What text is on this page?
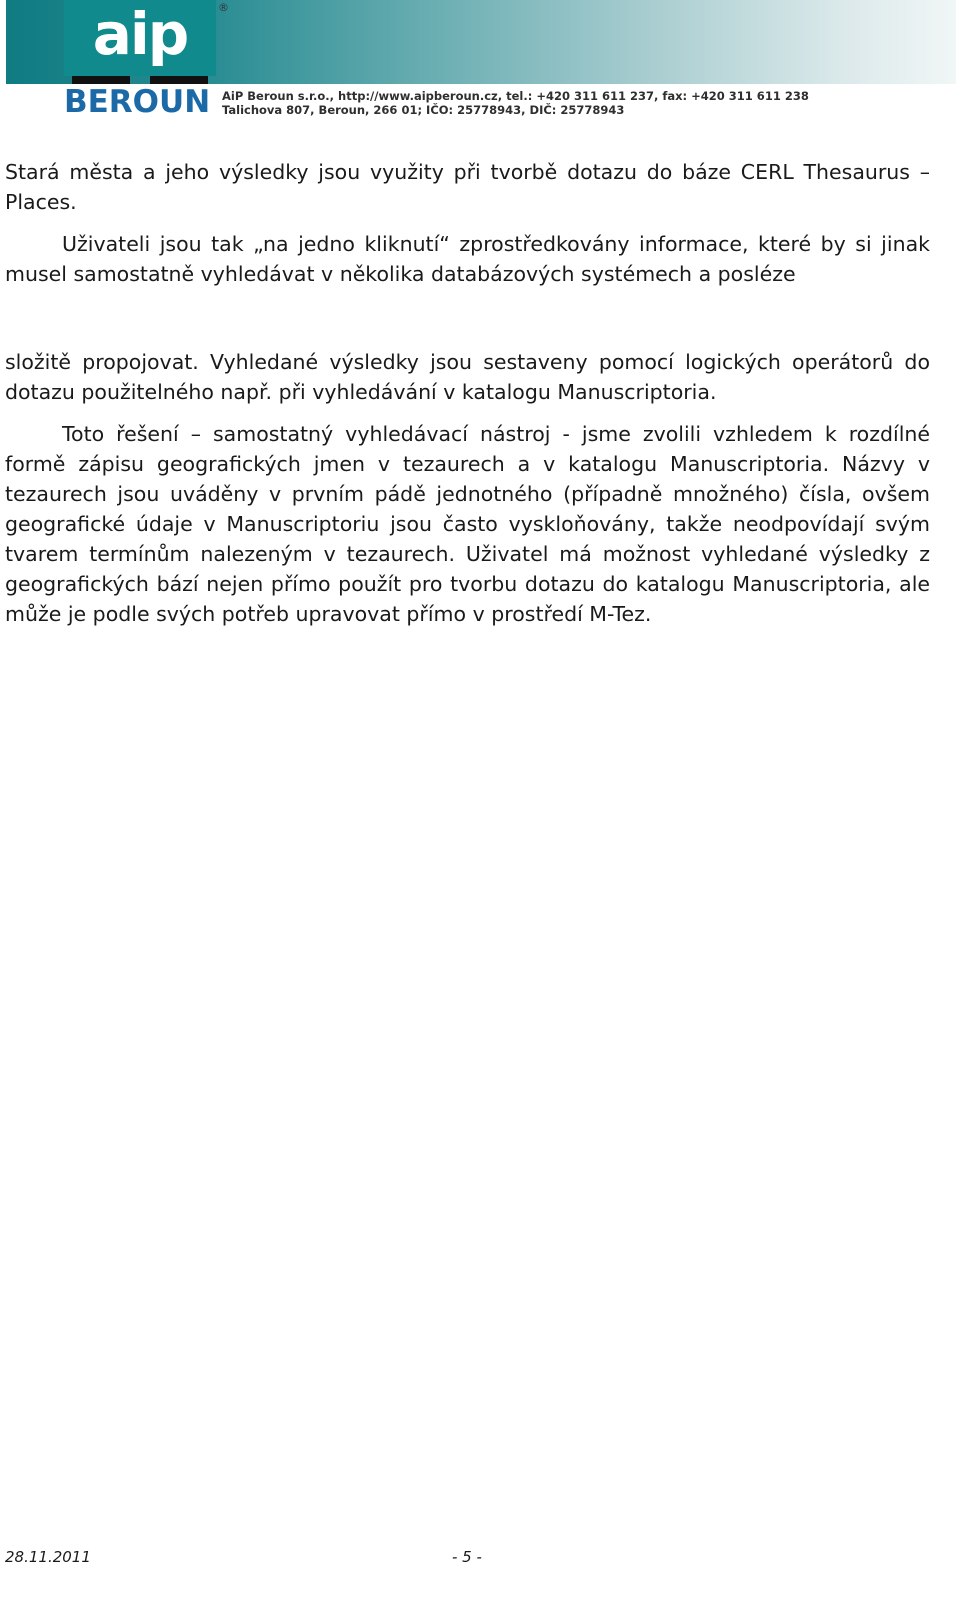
aip	®
BEROUN AiP Beroun s.r.o., http://www.aipberoun.cz, tel.: +420 311 611 237, fax: +420 311 611 238
Talichova 807, Beroun, 266 01; IČO: 25778943, DIČ: 25778943

Stará města a jeho výsledky jsou využity při tvorbě dotazu do báze CERL Thesaurus – Places.

Uživateli jsou tak „na jedno kliknutí“ zprostředkovány informace, které by si jinak musel samostatně vyhledávat v několika databázových systémech a posléze

složitě propojovat. Vyhledané výsledky jsou sestaveny pomocí logických operátorů do dotazu použitelného např. při vyhledávání v katalogu Manuscriptoria.

Toto řešení – samostatný vyhledávací nástroj - jsme zvolili vzhledem k rozdílné formě zápisu geografických jmen v tezaurech a v katalogu Manuscriptoria. Názvy v tezaurech jsou uváděny v prvním pádě jednotného (případně množného) čísla, ovšem geografické údaje v Manuscriptoriu jsou často vyskloňovány, takže neodpovídají svým tvarem termínům nalezeným v tezaurech. Uživatel má možnost vyhledané výsledky z geografických bází nejen přímo použít pro tvorbu dotazu do katalogu Manuscriptoria, ale může je podle svých potřeb upravovat přímo v prostředí M-Tez.

28.11.2011	- 5 -
